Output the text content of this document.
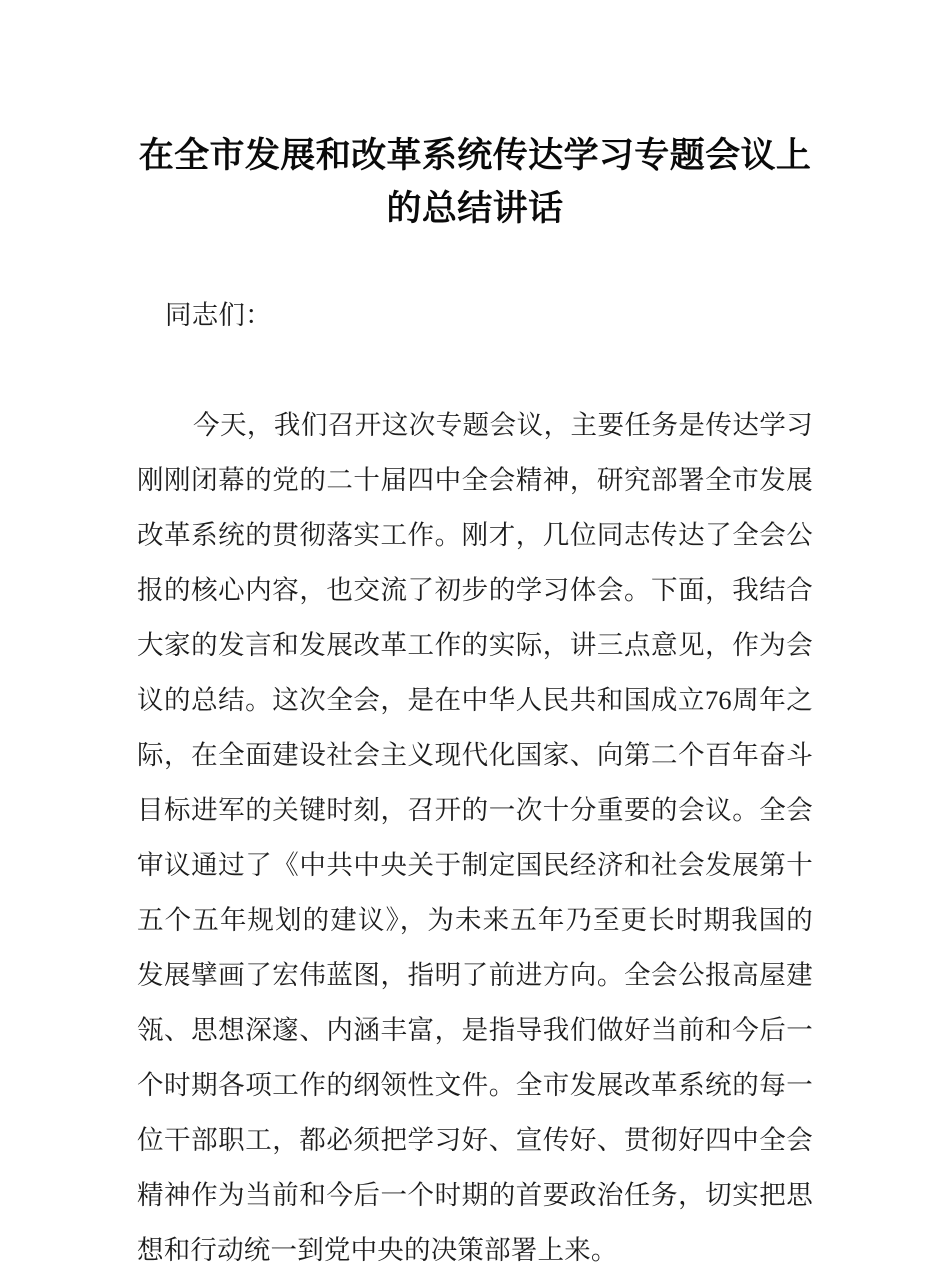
在全市发展和改革系统传达学习专题会议上的总结讲话

同志们：

今天，我们召开这次专题会议，主要任务是传达学习刚刚闭幕的党的二十届四中全会精神，研究部署全市发展改革系统的贯彻落实工作。刚才，几位同志传达了全会公报的核心内容，也交流了初步的学习体会。下面，我结合大家的发言和发展改革工作的实际，讲三点意见，作为会议的总结。这次全会，是在中华人民共和国成立76周年之际，在全面建设社会主义现代化国家、向第二个百年奋斗目标进军的关键时刻，召开的一次十分重要的会议。全会审议通过了《中共中央关于制定国民经济和社会发展第十五个五年规划的建议》，为未来五年乃至更长时期我国的发展擘画了宏伟蓝图，指明了前进方向。全会公报高屋建瓴、思想深邃、内涵丰富，是指导我们做好当前和今后一个时期各项工作的纲领性文件。全市发展改革系统的每一位干部职工，都必须把学习好、宣传好、贯彻好四中全会精神作为当前和今后一个时期的首要政治任务，切实把思想和行动统一到党中央的决策部署上来。
